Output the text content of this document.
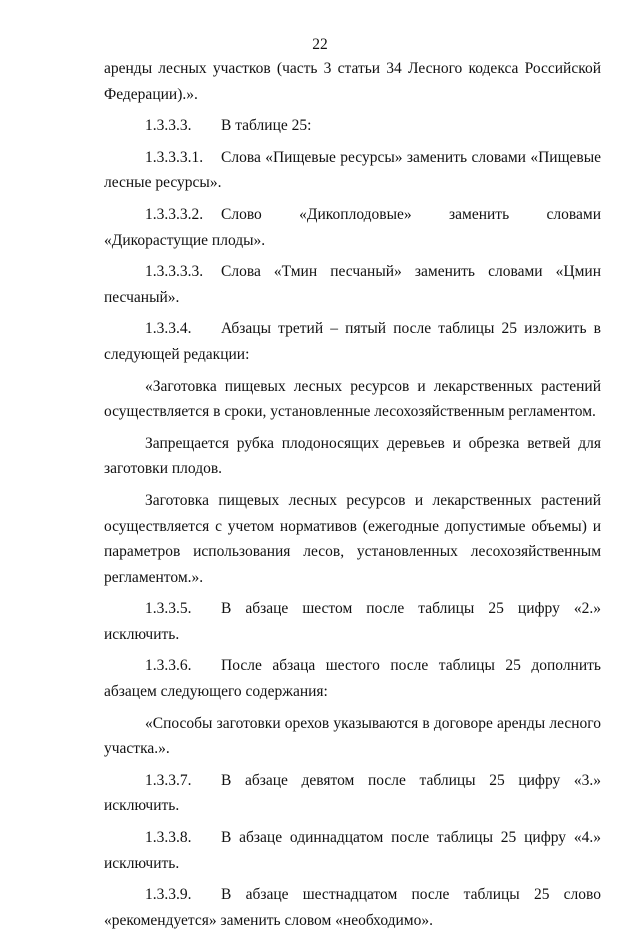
22

аренды лесных участков (часть 3 статьи 34 Лесного кодекса Российской Федерации).».

1.3.3.3. В таблице 25:

1.3.3.3.1. Слова «Пищевые ресурсы» заменить словами «Пищевые лесные ресурсы».

1.3.3.3.2. Слово «Дикоплодовые» заменить словами «Дикорастущие плоды».

1.3.3.3.3. Слова «Тмин песчаный» заменить словами «Цмин песчаный».

1.3.3.4. Абзацы третий – пятый после таблицы 25 изложить в следующей редакции:

«Заготовка пищевых лесных ресурсов и лекарственных растений осуществляется в сроки, установленные лесохозяйственным регламентом.

Запрещается рубка плодоносящих деревьев и обрезка ветвей для заготовки плодов.

Заготовка пищевых лесных ресурсов и лекарственных растений осуществляется с учетом нормативов (ежегодные допустимые объемы) и параметров использования лесов, установленных лесохозяйственным регламентом.».

1.3.3.5. В абзаце шестом после таблицы 25 цифру «2.» исключить.

1.3.3.6. После абзаца шестого после таблицы 25 дополнить абзацем следующего содержания:

«Способы заготовки орехов указываются в договоре аренды лесного участка.».

1.3.3.7. В абзаце девятом после таблицы 25 цифру «3.» исключить.

1.3.3.8. В абзаце одиннадцатом после таблицы 25 цифру «4.» исключить.

1.3.3.9. В абзаце шестнадцатом после таблицы 25 слово «рекомендуется» заменить словом «необходимо».
